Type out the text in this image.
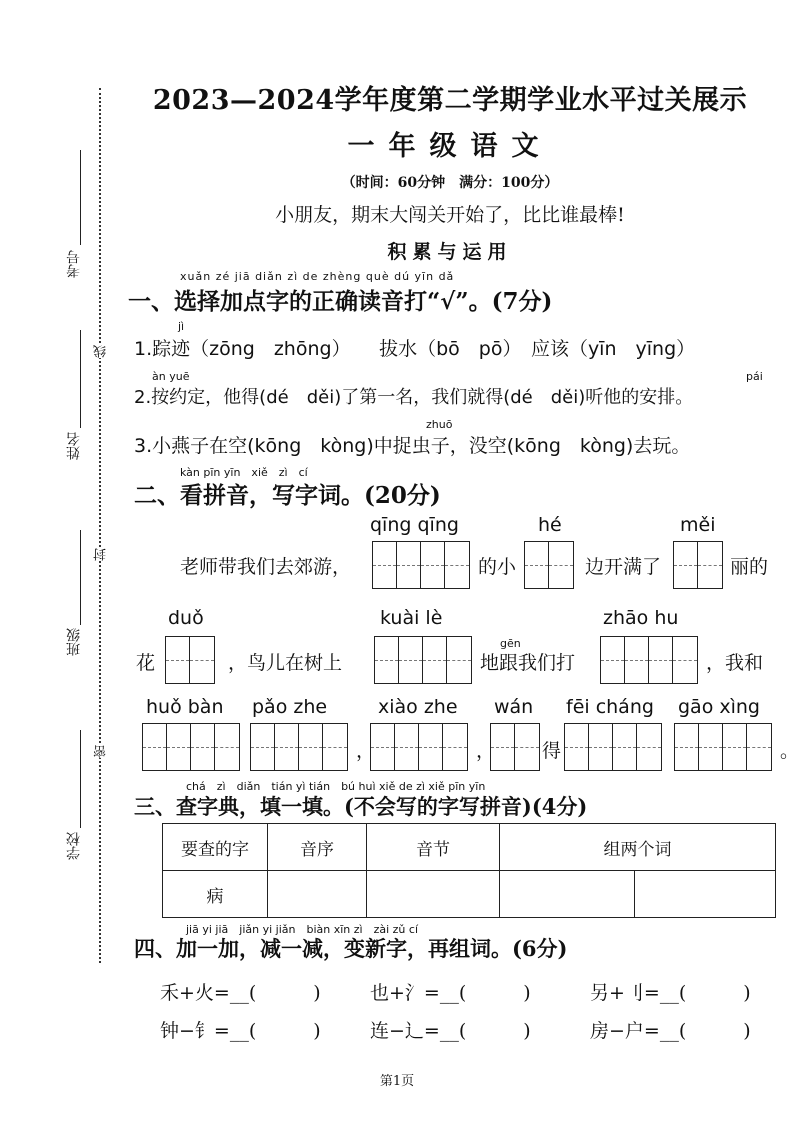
考号
姓名
班级
学校
线
封
密
2023—2024学年度第二学期学业水平过关展示
一年级语文
（时间：60分钟　满分：100分）
小朋友，期末大闯关开始了，比比谁最棒!
积累与运用
xuǎn zé jiā diǎn zì de zhèng què dú yīn dǎ
一、选择加点字的正确读音打“√”。(7分)
jì
1.踪迹（zōng　zhōng）　　拔水（bō　pō）　应该（yīn　yīng）
àn yuē	pái
2.按约定，他得(dé　děi)了第一名，我们就得(dé　děi)听他的安排。
zhuō
3.小燕子在空(kōng　kòng)中捉虫子，没空(kōng　kòng)去玩。
kàn pīn yīn　xiě　zì　cí
二、看拼音，写字词。(20分)
qīng qīng	hé	měi
老师带我们去郊游，	的小	边开满了	丽的
duǒ	kuài lè	zhāo hu
gēn
花	，鸟儿在树上	地跟我们打	，我和
huǒ bàn pǎo zhe	xiào zhe wán fēi cháng gāo xìng
，	， 得	。
chá　zì　diǎn　tián yì tián　bú huì xiě de zì xiě pīn yīn
三、查字典，填一填。(不会写的字写拼音)(4分)
要查的字	音序	音节	组两个词	
病				
jiā yi jiā　jiǎn yi jiǎn　biàn xīn zì　zài zǔ cí
四、加一加，减一减，变新字，再组词。(6分)
禾+火=__(　　　)	也+氵=__(　　　)	另+刂=__(　　　)
钟−钅=__(　　　)	连−辶=__(　　　)	房−户=__(　　　)
第1页
